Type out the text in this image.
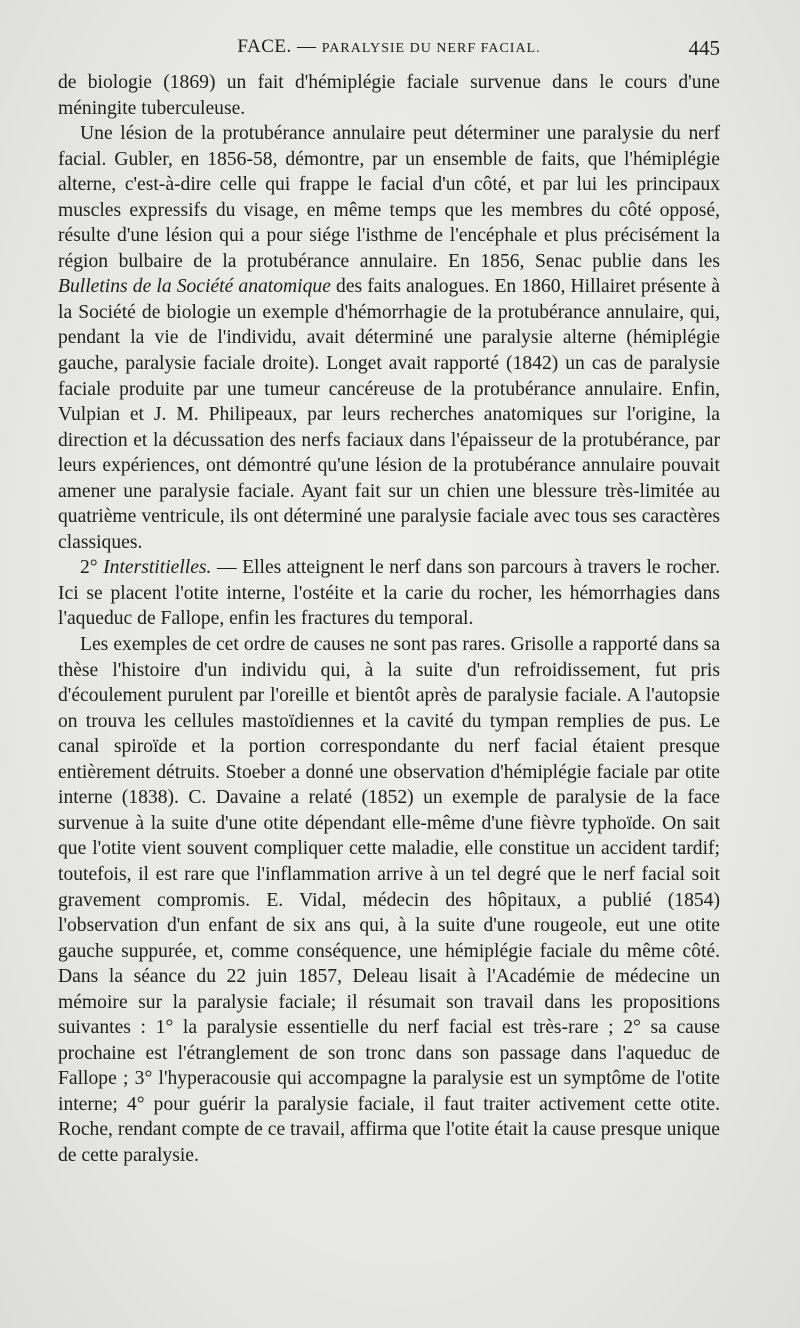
FACE. — PARALYSIE DU NERF FACIAL.	445

de biologie (1869) un fait d'hémiplégie faciale survenue dans le cours d'une méningite tuberculeuse.

Une lésion de la protubérance annulaire peut déterminer une paralysie du nerf facial. Gubler, en 1856-58, démontre, par un ensemble de faits, que l'hémiplégie alterne, c'est-à-dire celle qui frappe le facial d'un côté, et par lui les principaux muscles expressifs du visage, en même temps que les membres du côté opposé, résulte d'une lésion qui a pour siége l'isthme de l'encéphale et plus précisément la région bulbaire de la protubérance annulaire. En 1856, Senac publie dans les Bulletins de la Société anatomique des faits analogues. En 1860, Hillairet présente à la Société de biologie un exemple d'hémorrhagie de la protubérance annulaire, qui, pendant la vie de l'individu, avait déterminé une paralysie alterne (hémiplégie gauche, paralysie faciale droite). Longet avait rapporté (1842) un cas de paralysie faciale produite par une tumeur cancéreuse de la protubérance annulaire. Enfin, Vulpian et J. M. Philipeaux, par leurs recherches anatomiques sur l'origine, la direction et la décussation des nerfs faciaux dans l'épaisseur de la protubérance, par leurs expériences, ont démontré qu'une lésion de la protubérance annulaire pouvait amener une paralysie faciale. Ayant fait sur un chien une blessure très-limitée au quatrième ventricule, ils ont déterminé une paralysie faciale avec tous ses caractères classiques.

2° Interstitielles. — Elles atteignent le nerf dans son parcours à travers le rocher. Ici se placent l'otite interne, l'ostéite et la carie du rocher, les hémorrhagies dans l'aqueduc de Fallope, enfin les fractures du temporal.

Les exemples de cet ordre de causes ne sont pas rares. Grisolle a rapporté dans sa thèse l'histoire d'un individu qui, à la suite d'un refroidissement, fut pris d'écoulement purulent par l'oreille et bientôt après de paralysie faciale. A l'autopsie on trouva les cellules mastoïdiennes et la cavité du tympan remplies de pus. Le canal spiroïde et la portion correspondante du nerf facial étaient presque entièrement détruits. Stoeber a donné une observation d'hémiplégie faciale par otite interne (1838). C. Davaine a relaté (1852) un exemple de paralysie de la face survenue à la suite d'une otite dépendant elle-même d'une fièvre typhoïde. On sait que l'otite vient souvent compliquer cette maladie, elle constitue un accident tardif; toutefois, il est rare que l'inflammation arrive à un tel degré que le nerf facial soit gravement compromis. E. Vidal, médecin des hôpitaux, a publié (1854) l'observation d'un enfant de six ans qui, à la suite d'une rougeole, eut une otite gauche suppurée, et, comme conséquence, une hémiplégie faciale du même côté. Dans la séance du 22 juin 1857, Deleau lisait à l'Académie de médecine un mémoire sur la paralysie faciale; il résumait son travail dans les propositions suivantes : 1° la paralysie essentielle du nerf facial est très-rare ; 2° sa cause prochaine est l'étranglement de son tronc dans son passage dans l'aqueduc de Fallope ; 3° l'hyperacousie qui accompagne la paralysie est un symptôme de l'otite interne; 4° pour guérir la paralysie faciale, il faut traiter activement cette otite. Roche, rendant compte de ce travail, affirma que l'otite était la cause presque unique de cette paralysie.
